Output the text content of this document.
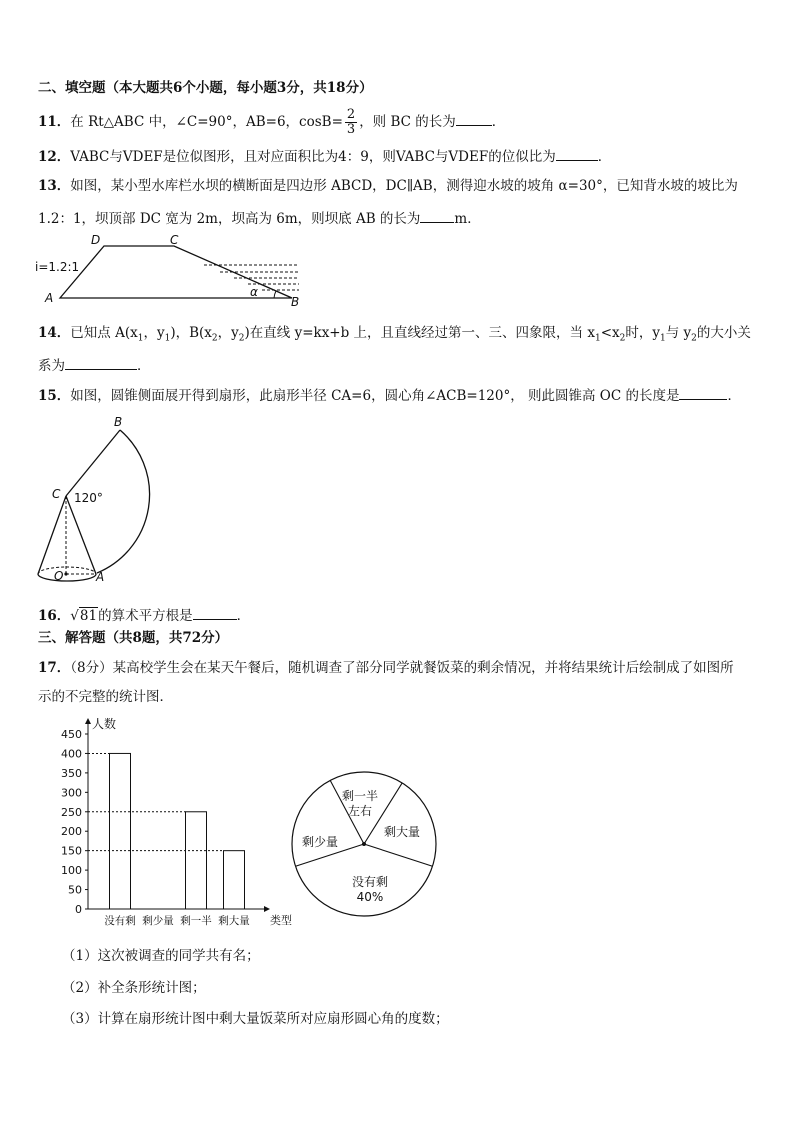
二、填空题（本大题共6个小题，每小题3分，共18分）
11．在 Rt△ABC 中，∠C=90°，AB=6，$\cos B= \frac{2}{3}$ ，则 BC 的长为	．
12．VABC与VDEF是位似图形，且对应面积比为4：9，则VABC与VDEF的位似比为	．
13．如图，某小型水库栏水坝的横断面是四边形 ABCD，DC∥AB，测得迎水坡的坡角 α=30°，已知背水坡的坡比为
1.2：1，坝顶部 DC 宽为 2m，坝高为 6m，则坝底 AB 的长为	m．
D	C
A	B
i=1.2:1
α
14．已知点 $A(x_1$，$y_1$)，$B(x_2$，$y_2$)在直线 y=kx+b 上，且直线经过第一、三、四象限，当 $x_1<x_2$时，$y_1$与 $y_2$的大小关
系为	．
15．如图，圆锥侧面展开得到扇形，此扇形半径 CA=6，圆心角∠ACB=120°， 则此圆锥高 OC 的长度是	．
B
C 120°
O	A
16．√81的算术平方根是	．
三、解答题（共8题，共72分）
17．（8分）某高校学生会在某天午餐后，随机调查了部分同学就餐饭菜的剩余情况，并将结果统计后绘制成了如图所
示的不完整的统计图．
0
50
100
150
200
250
300
350
400
450
人数
类型
没有剩 剩少量 剩一半 剩大量
剩一半
左右
剩大量
没有剩
40%
剩少量
（1）这次被调查的同学共有名；
（2）补全条形统计图；
（3）计算在扇形统计图中剩大量饭菜所对应扇形圆心角的度数；
